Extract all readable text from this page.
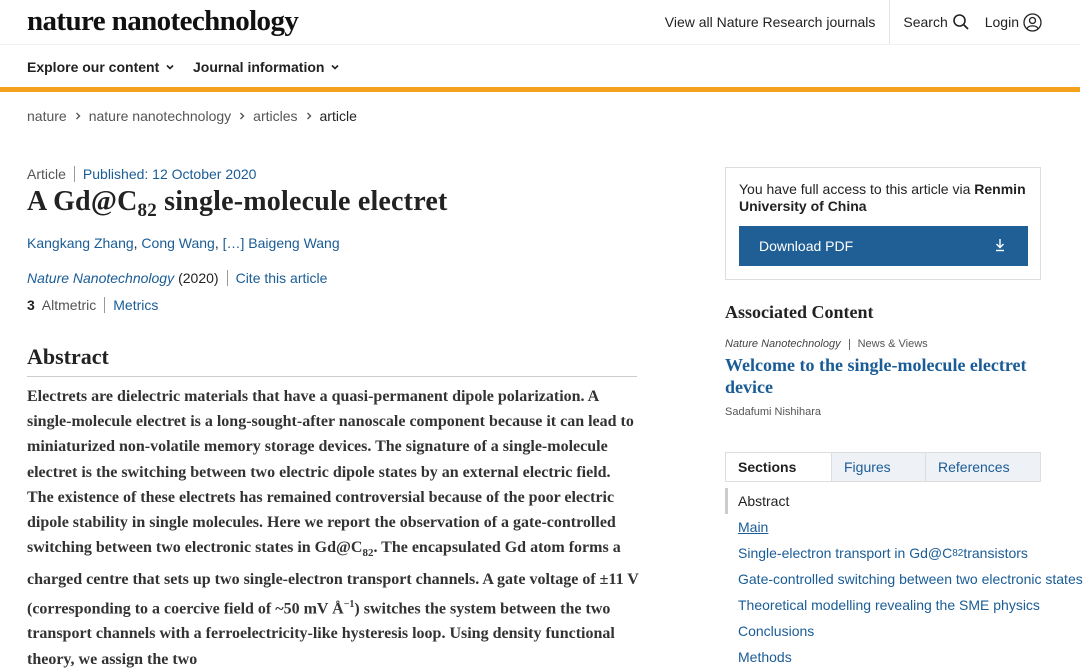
nature nanotechnology	View all Nature Research journals	Search	Login
Explore our content Journal information
nature nature nanotechnology articles article
Article Published: 12 October 2020
A $Gd@C_{82}$ single-molecule electret
Kangkang Zhang, Cong Wang, […] Baigeng Wang
Nature Nanotechnology (2020) Cite this article
3 Altmetric Metrics
Abstract

Electrets are dielectric materials that have a quasi-permanent dipole polarization. A single-molecule electret is a long-sought-after nanoscale component because it can lead to miniaturized non-volatile memory storage devices. The signature of a single-molecule electret is the switching between two electric dipole states by an external electric field. The existence of these electrets has remained controversial because of the poor electric dipole stability in single molecules. Here we report the observation of a gate-controlled switching between two electronic states in $Gd@C_{82}$. The encapsulated Gd atom forms a charged centre that sets up two single-electron transport channels. A gate voltage of ±11 V (corresponding to a coercive field of ~50 mV $Å^{-1}$) switches the system between the two transport channels with a ferroelectricity-like hysteresis loop. Using density functional theory, we assign the two

You have full access to this article via Renmin University of China
Download PDF
Associated Content
Nature Nanotechnology News & Views
Welcome to the single-molecule electret device
Sadafumi Nishihara
Sections	Figures	References
Abstract
Main
Single-electron transport in Gd@C 82 transistors
Gate-controlled switching between two electronic states
Theoretical modelling revealing the SME physics
Conclusions
Methods
